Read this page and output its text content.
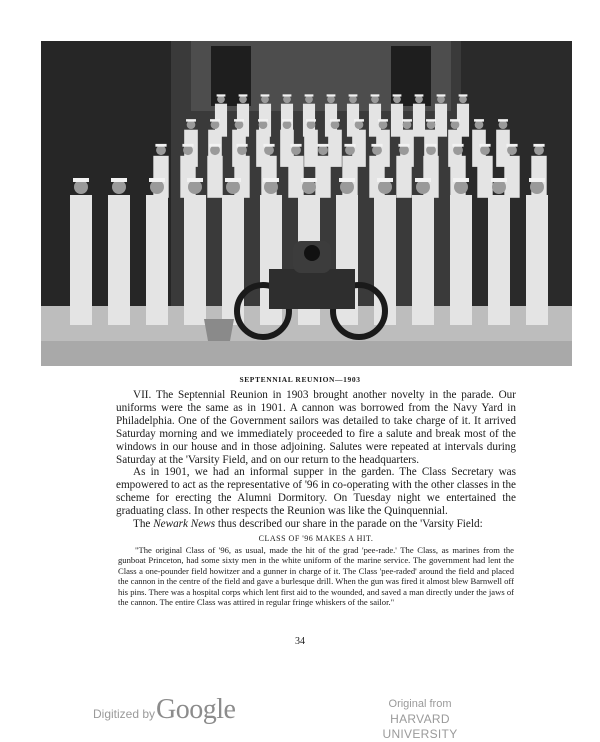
SEPTENNIAL REUNION—1903

VII. The Septennial Reunion in 1903 brought another novelty in the parade. Our uniforms were the same as in 1901. A cannon was borrowed from the Navy Yard in Philadelphia. One of the Government sailors was detailed to take charge of it. It arrived Saturday morning and we immediately proceeded to fire a salute and break most of the windows in our house and in those adjoining. Salutes were repeated at intervals during Saturday at the 'Varsity Field, and on our return to the headquarters.

As in 1901, we had an informal supper in the garden. The Class Secretary was empowered to act as the representative of '96 in co-operating with the other classes in the scheme for erecting the Alumni Dormitory. On Tuesday night we entertained the graduating class. In other respects the Reunion was like the Quinquennial.

The Newark News thus described our share in the parade on the 'Varsity Field:

CLASS OF '96 MAKES A HIT.

"The original Class of '96, as usual, made the hit of the grad 'pee-rade.' The Class, as marines from the gunboat Princeton, had some sixty men in the white uniform of the marine service. The government had lent the Class a one-pounder field howitzer and a gunner in charge of it. The Class 'pee-raded' around the field and placed the cannon in the centre of the field and gave a burlesque drill. When the gun was fired it almost blew Barnwell off his pins. There was a hospital corps which lent first aid to the wounded, and saved a man directly under the jaws of the cannon. The entire Class was attired in regular fringe whiskers of the sailor."

34
Digitized by Google	Original from
HARVARD UNIVERSITY
